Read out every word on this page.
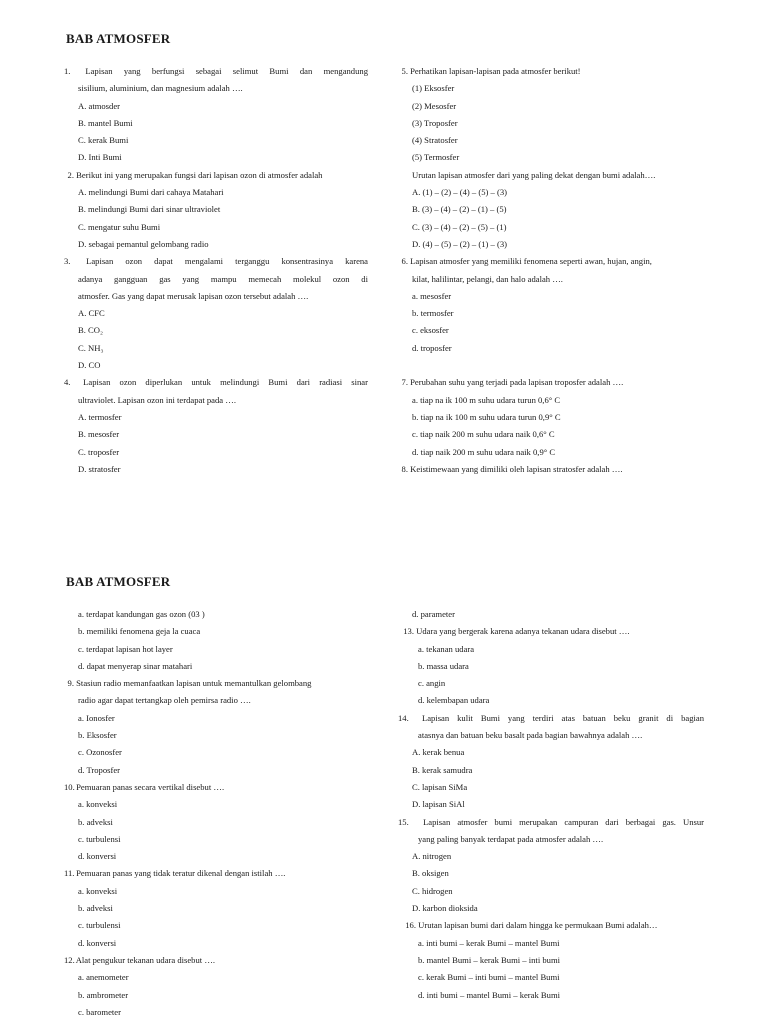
BAB ATMOSFER
1. Lapisan yang berfungsi sebagai selimut Bumi dan mengandung
sisilium, aluminium, dan magnesium adalah ….
A. atmosder
B. mantel Bumi
C. kerak Bumi
D. Inti Bumi
2. Berikut ini yang merupakan fungsi dari lapisan ozon di atmosfer adalah
A. melindungi Bumi dari cahaya Matahari
B. melindungi Bumi dari sinar ultraviolet
C. mengatur suhu Bumi
D. sebagai pemantul gelombang radio
3. Lapisan ozon dapat mengalami terganggu konsentrasinya karena
adanya gangguan gas yang mampu memecah molekul ozon di
atmosfer. Gas yang dapat merusak lapisan ozon tersebut adalah ….
A. CFC
B. CO₂
C. NH₃
D. CO
4. Lapisan ozon diperlukan untuk melindungi Bumi dari radiasi sinar
ultraviolet. Lapisan ozon ini terdapat pada ….
A. termosfer
B. mesosfer
C. troposfer
D. stratosfer
5. Perhatikan lapisan-lapisan pada atmosfer berikut!
(1) Eksosfer
(2) Mesosfer
(3) Troposfer
(4) Stratosfer
(5) Termosfer
Urutan lapisan atmosfer dari yang paling dekat dengan bumi adalah….
A. (1) – (2) – (4) – (5) – (3)
B. (3) – (4) – (2) – (1) – (5)
C. (3) – (4) – (2) – (5) – (1)
D. (4) – (5) – (2) – (1) – (3)
6. Lapisan atmosfer yang memiliki fenomena seperti awan, hujan, angin,
kilat, halilintar, pelangi, dan halo adalah ….
a. mesosfer
b. termosfer
c. eksosfer
d. troposfer
7. Perubahan suhu yang terjadi pada lapisan troposfer adalah ….
a. tiap na ik 100 m suhu udara turun 0,6° C
b. tiap na ik 100 m suhu udara turun 0,9° C
c. tiap naik 200 m suhu udara naik 0,6° C
d. tiap naik 200 m suhu udara naik 0,9° C
8. Keistimewaan yang dimiliki oleh lapisan stratosfer adalah ….
BAB ATMOSFER
a. terdapat kandungan gas ozon (03 )
b. memiliki fenomena geja la cuaca
c. terdapat lapisan hot layer
d. dapat menyerap sinar matahari
9. Stasiun radio memanfaatkan lapisan untuk memantulkan gelombang
radio agar dapat tertangkap oleh pemirsa radio ….
a. Ionosfer
b. Eksosfer
c. Ozonosfer
d. Troposfer
10. Pemuaran panas secara vertikal disebut ….
a. konveksi
b. adveksi
c. turbulensi
d. konversi
11. Pemuaran panas yang tidak teratur dikenal dengan istilah ….
a. konveksi
b. adveksi
c. turbulensi
d. konversi
12. Alat pengukur tekanan udara disebut ….
a. anemometer
b. ambrometer
c. barometer
d. parameter
13. Udara yang bergerak karena adanya tekanan udara disebut ….
a. tekanan udara
b. massa udara
c. angin
d. kelembapan udara
14. Lapisan kulit Bumi yang terdiri atas batuan beku granit di bagian
atasnya dan batuan beku basalt pada bagian bawahnya adalah ….
A. kerak benua
B. kerak samudra
C. lapisan SiMa
D. lapisan SiAl
15. Lapisan atmosfer bumi merupakan campuran dari berbagai gas. Unsur
yang paling banyak terdapat pada atmosfer adalah ….
A. nitrogen
B. oksigen
C. hidrogen
D. karbon dioksida
16. Urutan lapisan bumi dari dalam hingga ke permukaan Bumi adalah…
a. inti bumi – kerak Bumi – mantel Bumi
b. mantel Bumi – kerak Bumi – inti bumi
c. kerak Bumi – inti bumi – mantel Bumi
d. inti bumi – mantel Bumi – kerak Bumi
